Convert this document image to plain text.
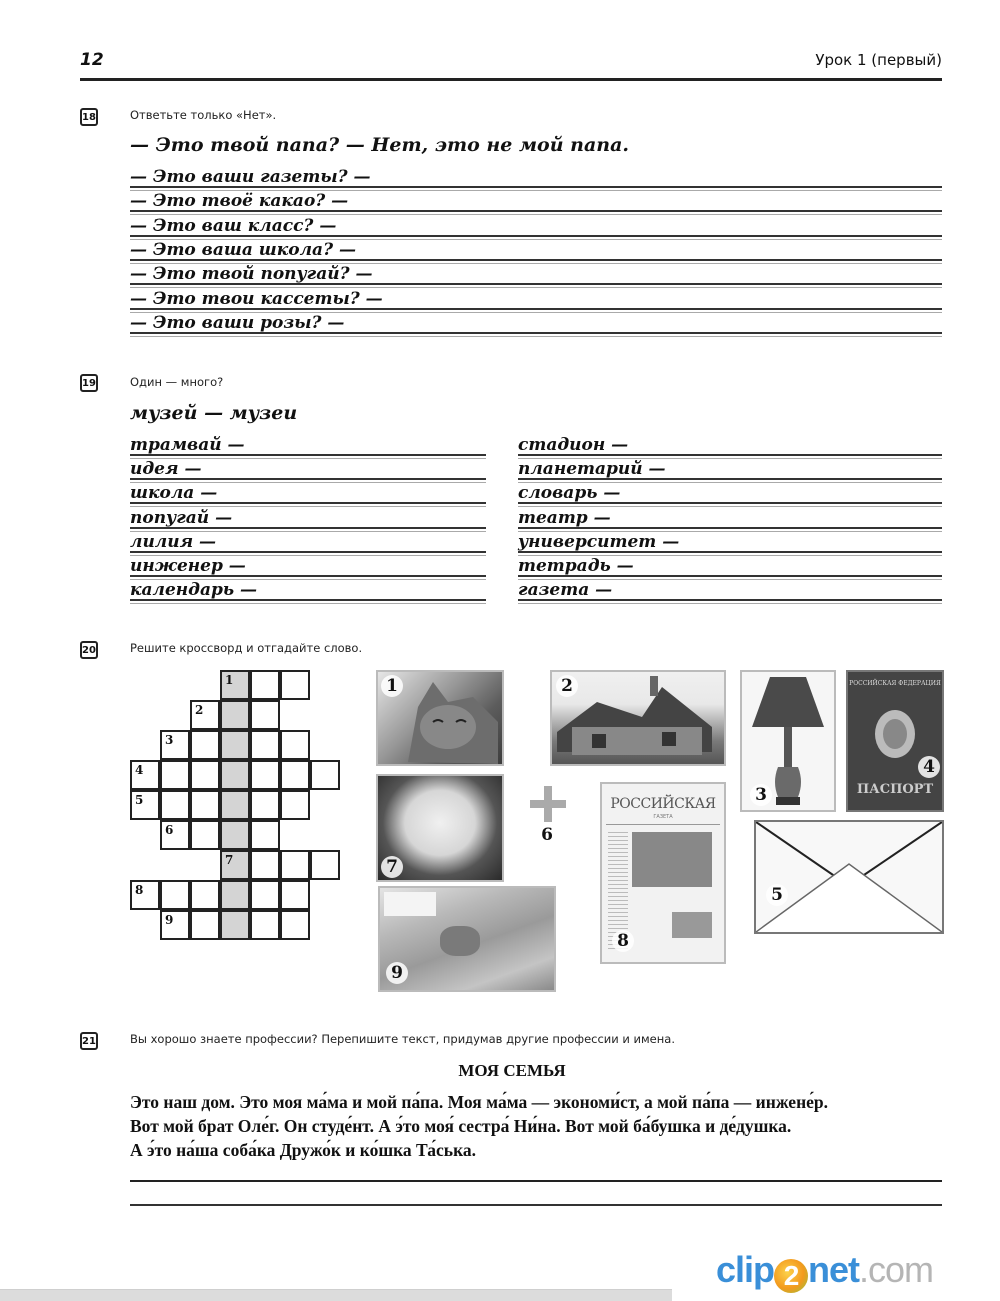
12	Урок 1 (первый)
18	Ответьте только «Нет».
— Это твой папа? — Нет, это не мой папа.
— Это ваши газеты? —
— Это твоё какао? —
— Это ваш класс? —
— Это ваша школа? —
— Это твой попугай? —
— Это твои кассеты? —
— Это ваши розы? —
19	Один — много?
музей — музеи
трамвай —
идея —
школа —
попугай —
лилия —
инженер —
календарь —
стадион —
планетарий —
словарь —
театр —
университет —
тетрадь —
газета —
20	Решите кроссворд и отгадайте слово.
1
2
3
4
5
6
7
8
9
1	2
3
РОССИЙСКАЯ ФЕДЕРАЦИЯ
ПАСПОРТ
4
5
6
7
РОССИЙСКАЯ
ГАЗЕТА
8
9
21	Вы хорошо знаете профессии? Перепишите текст, придумав другие профессии и имена.
МОЯ СЕМЬЯ
Это наш дом. Это моя ма́ма и мой па́па. Моя ма́ма — экономи́ст, а мой па́па — инжене́р.
Вот мой брат Оле́г. Он студе́нт. А э́то моя́ сестра́ Ни́на. Вот мой ба́бушка и де́душка.
А э́то на́ша соба́ка Дружо́к и ко́шка Та́ська.
clip 2 net.com
